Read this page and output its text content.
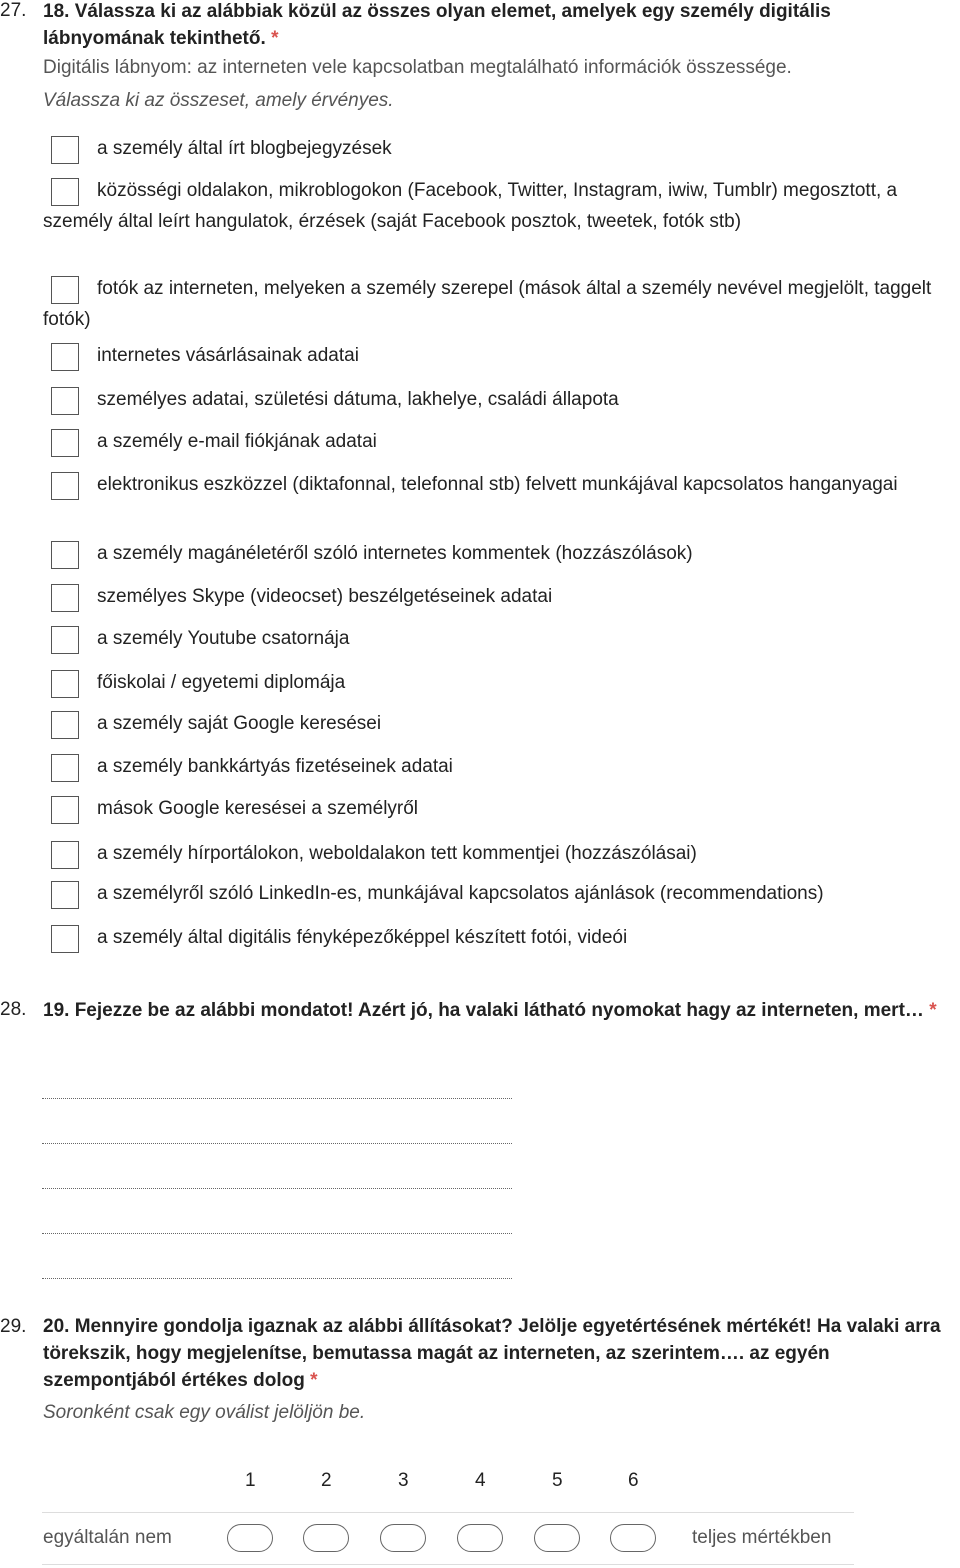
27. 18. Válassza ki az alábbiak közül az összes olyan elemet, amelyek egy személy digitális lábnyomának tekinthető. *
Digitális lábnyom: az interneten vele kapcsolatban megtalálható információk összessége.
Válassza ki az összeset, amely érvényes.
a személy által írt blogbejegyzések
közösségi oldalakon, mikroblogokon (Facebook, Twitter, Instagram, iwiw, Tumblr) megosztott, a személy által leírt hangulatok, érzések (saját Facebook posztok, tweetek, fotók stb)
fotók az interneten, melyeken a személy szerepel (mások által a személy nevével megjelölt, taggelt fotók)
internetes vásárlásainak adatai
személyes adatai, születési dátuma, lakhelye, családi állapota
a személy e-mail fiókjának adatai
elektronikus eszközzel (diktafonnal, telefonnal stb) felvett munkájával kapcsolatos hanganyagai
a személy magánéletéről szóló internetes kommentek (hozzászólások)
személyes Skype (videocset) beszélgetéseinek adatai
a személy Youtube csatornája
főiskolai / egyetemi diplomája
a személy saját Google keresései
a személy bankkártyás fizetéseinek adatai
mások Google keresései a személyről
a személy hírportálokon, weboldalakon tett kommentjei (hozzászólásai)
a személyről szóló LinkedIn-es, munkájával kapcsolatos ajánlások (recommendations)
a személy által digitális fényképezőképpel készített fotói, videói
28. 19. Fejezze be az alábbi mondatot! Azért jó, ha valaki látható nyomokat hagy az interneten, mert… *
29. 20. Mennyire gondolja igaznak az alábbi állításokat? Jelölje egyetértésének mértékét! Ha valaki arra törekszik, hogy megjelenítse, bemutassa magát az interneten, az szerintem…. az egyén szempontjából értékes dolog *
Soronként csak egy oválist jelöljön be.
1	2	3	4	5	6
egyáltalán nem	teljes mértékben
